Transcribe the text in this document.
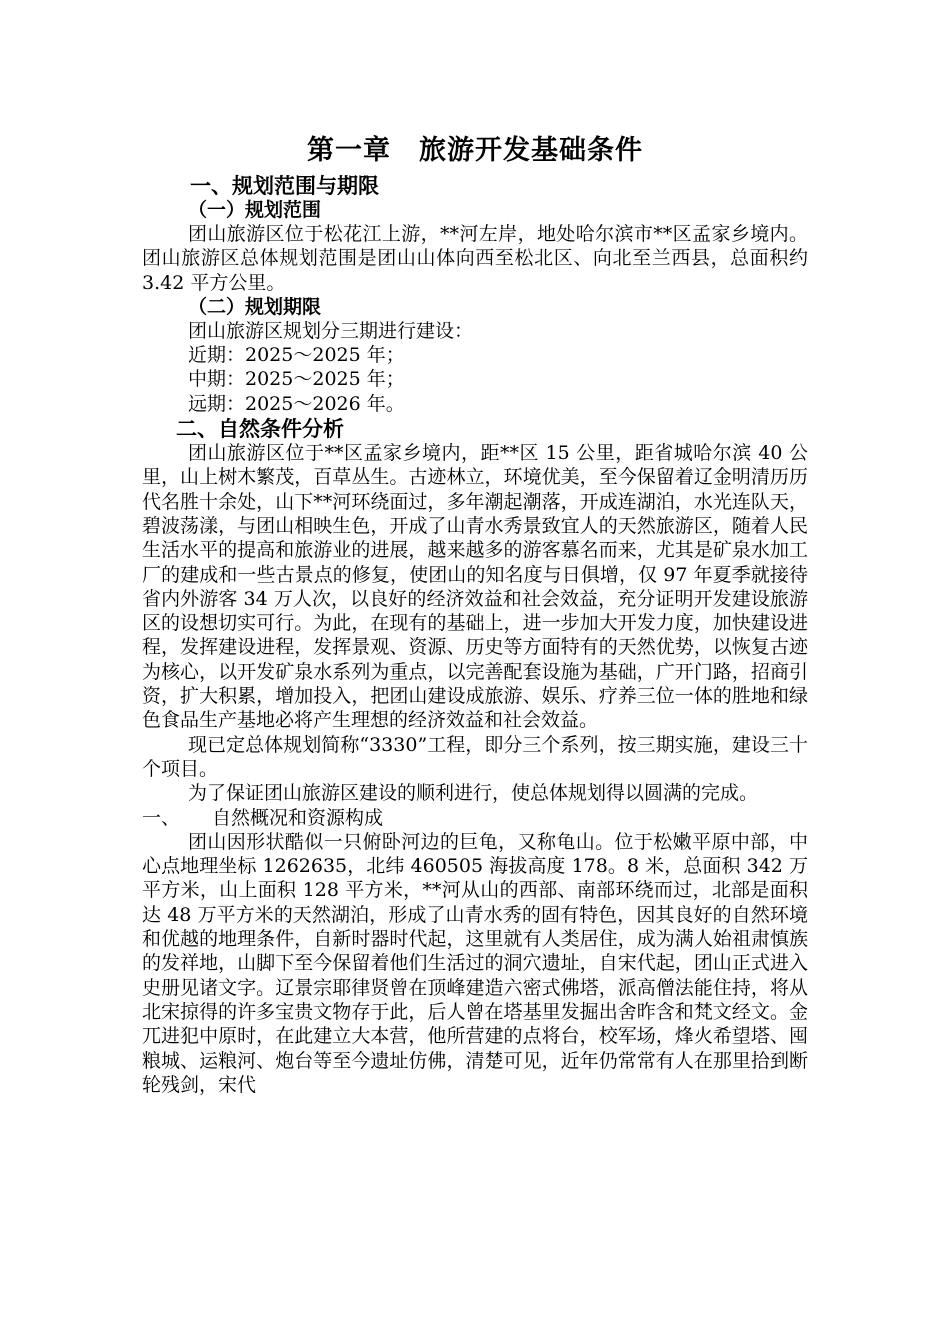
第一章　旅游开发基础条件
一、规划范围与期限
（一）规划范围

团山旅游区位于松花江上游，**河左岸，地处哈尔滨市**区孟家乡境内。团山旅游区总体规划范围是团山山体向西至松北区、向北至兰西县，总面积约 3.42 平方公里。

（二）规划期限
团山旅游区规划分三期进行建设：
近期：2025～2025 年；
中期：2025～2025 年；
远期：2025～2026 年。
二、自然条件分析

团山旅游区位于**区孟家乡境内，距**区 15 公里，距省城哈尔滨 40 公里，山上树木繁茂，百草丛生。古迹林立，环境优美，至今保留着辽金明清历历代名胜十余处，山下**河环绕面过，多年潮起潮落，开成连湖泊，水光连队天，碧波荡漾，与团山相映生色，开成了山青水秀景致宜人的天然旅游区，随着人民生活水平的提高和旅游业的进展，越来越多的游客慕名而来，尤其是矿泉水加工厂的建成和一些古景点的修复，使团山的知名度与日俱增，仅 97 年夏季就接待省内外游客 34 万人次，以良好的经济效益和社会效益，充分证明开发建设旅游区的设想切实可行。为此，在现有的基础上，进一步加大开发力度，加快建设进程，发挥建设进程，发挥景观、资源、历史等方面特有的天然优势，以恢复古迹为核心，以开发矿泉水系列为重点，以完善配套设施为基础，广开门路，招商引资，扩大积累，增加投入，把团山建设成旅游、娱乐、疗养三位一体的胜地和绿色食品生产基地必将产生理想的经济效益和社会效益。

现已定总体规划简称“3330”工程，即分三个系列，按三期实施，建设三十个项目。

为了保证团山旅游区建设的顺利进行，使总体规划得以圆满的完成。

一、	自然概况和资源构成

团山因形状酷似一只俯卧河边的巨龟，又称龟山。位于松嫩平原中部，中心点地理坐标 1262635，北纬 460505 海拔高度 178。8 米，总面积 342 万平方米，山上面积 128 平方米，**河从山的西部、南部环绕而过，北部是面积达 48 万平方米的天然湖泊，形成了山青水秀的固有特色，因其良好的自然环境和优越的地理条件，自新时器时代起，这里就有人类居住，成为满人始祖肃慎族的发祥地，山脚下至今保留着他们生活过的洞穴遗址，自宋代起，团山正式进入史册见诸文字。辽景宗耶律贤曾在顶峰建造六密式佛塔，派高僧法能住持，将从北宋掠得的许多宝贵文物存于此，后人曾在塔基里发掘出舍昨含和梵文经文。金兀进犯中原时，在此建立大本营，他所营建的点将台，校军场，烽火希望塔、囤粮城、运粮河、炮台等至今遗址仿佛，清楚可见，近年仍常常有人在那里拾到断轮残剑，宋代
